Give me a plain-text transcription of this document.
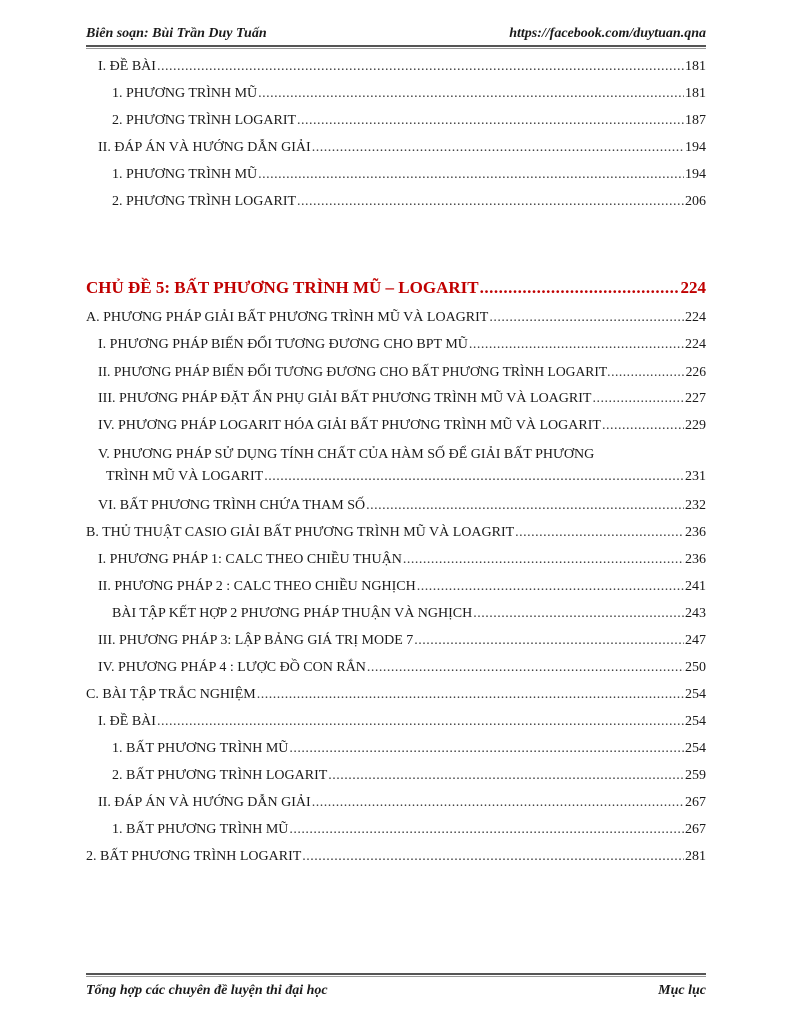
Biên soạn: Bùi Trần Duy Tuấn	https://facebook.com/duytuan.qna
I. ĐỀ BÀI .....	181
1. PHƯƠNG TRÌNH MŨ .....	181
2. PHƯƠNG TRÌNH LOGARIT .....	187
II. ĐÁP ÁN VÀ HƯỚNG DẪN GIẢI .....	194
1. PHƯƠNG TRÌNH MŨ .....	194
2. PHƯƠNG TRÌNH LOGARIT .....	206
CHỦ ĐỀ 5: BẤT PHƯƠNG TRÌNH MŨ – LOGARIT .....	224
A. PHƯƠNG PHÁP GIẢI BẤT PHƯƠNG TRÌNH MŨ VÀ LOAGRIT .....	224
I. PHƯƠNG PHÁP BIẾN ĐỔI TƯƠNG ĐƯƠNG CHO BPT MŨ .....	224
II. PHƯƠNG PHÁP BIẾN ĐỔI TƯƠNG ĐƯƠNG CHO BẤT PHƯƠNG TRÌNH LOGARIT .....	226
III. PHƯƠNG PHÁP ĐẶT ẨN PHỤ GIẢI BẤT PHƯƠNG TRÌNH MŨ VÀ LOAGRIT .....	227
IV. PHƯƠNG PHÁP LOGARIT HÓA GIẢI BẤT PHƯƠNG TRÌNH MŨ VÀ LOGARIT .....	229
V. PHƯƠNG PHÁP SỬ DỤNG TÍNH CHẤT CỦA HÀM SỐ ĐỂ GIẢI BẤT PHƯƠNG
TRÌNH MŨ VÀ LOGARIT .....	231
VI. BẤT PHƯƠNG TRÌNH CHỨA THAM SỐ .....	232
B. THỦ THUẬT CASIO GIẢI BẤT PHƯƠNG TRÌNH MŨ VÀ LOAGRIT .....	236
I. PHƯƠNG PHÁP 1: CALC THEO CHIỀU THUẬN .....	236
II. PHƯƠNG PHÁP 2 : CALC THEO CHIỀU NGHỊCH .....	241
BÀI TẬP KẾT HỢP 2 PHƯƠNG PHÁP THUẬN VÀ NGHỊCH .....	243
III. PHƯƠNG PHÁP 3: LẬP BẢNG GIÁ TRỊ MODE 7 .....	247
IV. PHƯƠNG PHÁP 4 : LƯỢC ĐỒ CON RẮN .....	250
C. BÀI TẬP TRẮC NGHIỆM .....	254
I. ĐỀ BÀI .....	254
1. BẤT PHƯƠNG TRÌNH MŨ .....	254
2. BẤT PHƯƠNG TRÌNH LOGARIT .....	259
II. ĐÁP ÁN VÀ HƯỚNG DẪN GIẢI .....	267
1. BẤT PHƯƠNG TRÌNH MŨ .....	267
2. BẤT PHƯƠNG TRÌNH LOGARIT .....	281
Tổng hợp các chuyên đề luyện thi đại học	Mục lục
